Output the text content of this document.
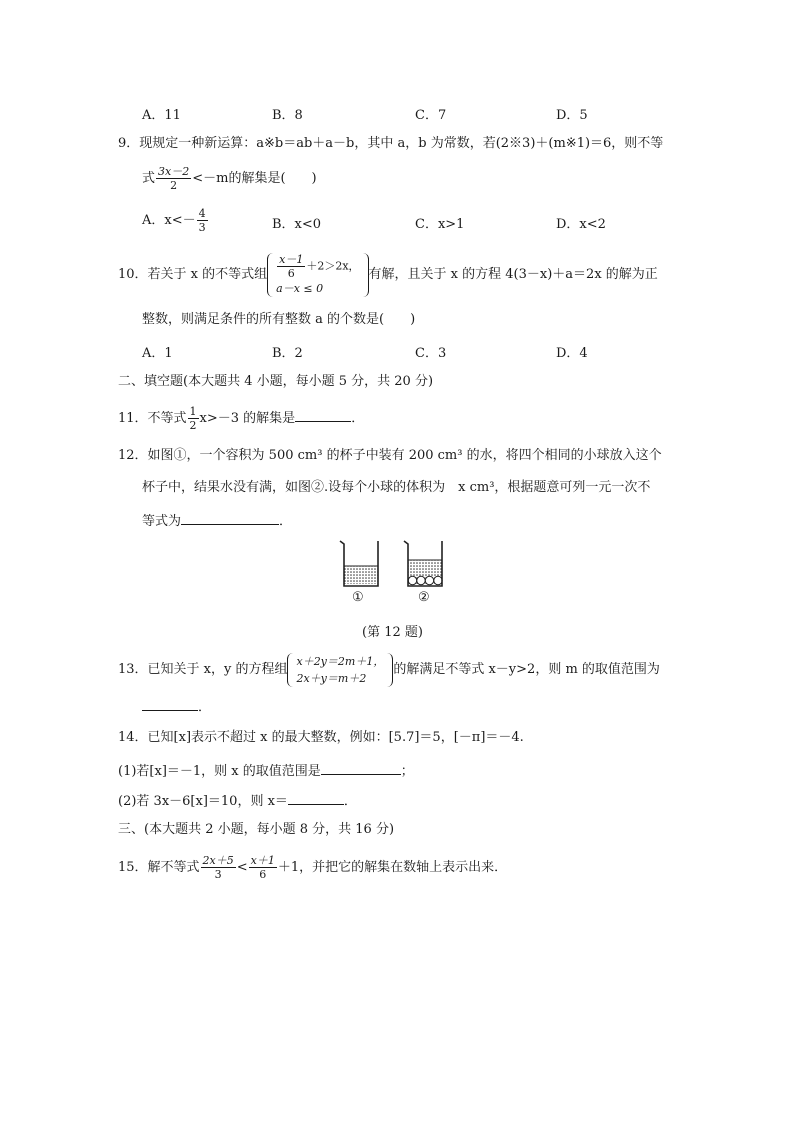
A．11	B．8	C．7	D．5
9．现规定一种新运算：a※b＝ab＋a－b，其中 a，b 为常数，若(2※3)＋(m※1)＝6，则不等
式 $\frac{3x-2}{2} <-m$的解集是(　　)
A．$x<- \frac{4}{3}$	B．x<0	C．x>1	D．x<2
10．若关于 x 的不等式组 $\frac{x-1}{6} +2>2x$，
a－x ≤ 0
有解，且关于 x 的方程 4(3－x)＋a＝2x 的解为正
整数，则满足条件的所有整数 a 的个数是(　　)
A．1	B．2	C．3	D．4
二、填空题(本大题共 4 小题，每小题 5 分，共 20 分)
11．不等式 $\frac{1}{2} x>-3$ 的解集是	．
12．如图①，一个容积为 500 cm³ 的杯子中装有 200 cm³ 的水，将四个相同的小球放入这个
杯子中，结果水没有满，如图②.设每个小球的体积为　x cm³，根据题意可列一元一次不
等式为	．
①	②
(第 12 题)
13．已知关于 x，y 的方程组
x＋2y＝2m＋1，
2x＋y＝m＋2
的解满足不等式 x－y>2，则 m 的取值范围为
．
14．已知[x]表示不超过 x 的最大整数，例如：[5.7]＝5，[－π]＝－4.
(1)若[x]＝－1，则 x 的取值范围是	；
(2)若 3x－6[x]＝10，则 x＝	．
三、(本大题共 2 小题，每小题 8 分，共 16 分)
15．解不等式 $\frac{2x+5}{3} < \frac{x+1}{6} +1$，并把它的解集在数轴上表示出来．
